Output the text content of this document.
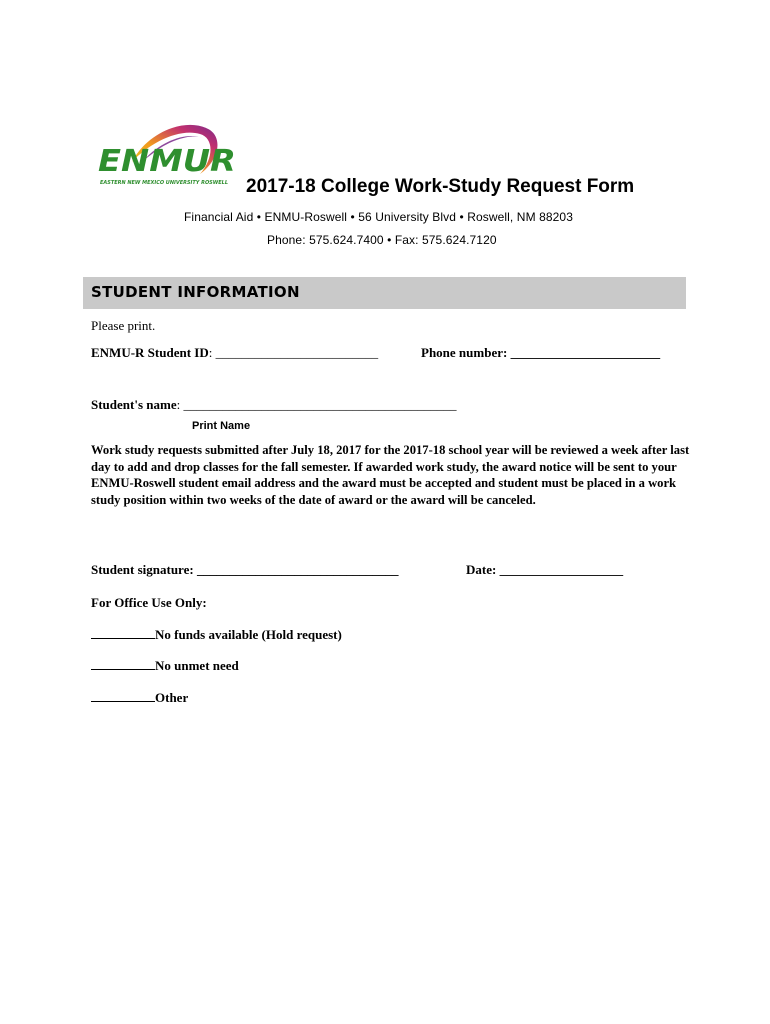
ENMUR
EASTERN NEW MEXICO UNIVERSITY ROSWELL 2017-18 College Work-Study Request Form
Financial Aid • ENMU-Roswell • 56 University Blvd • Roswell, NM 88203
Phone: 575.624.7400 • Fax: 575.624.7120
STUDENT INFORMATION
Please print.
ENMU-R Student ID: _________________________	Phone number: _______________________
Student's name: __________________________________________
Print Name
Work study requests submitted after July 18, 2017 for the 2017-18 school year will be reviewed a week after last day to add and drop classes for the fall semester. If awarded work study, the award notice will be sent to your ENMU-Roswell student email address and the award must be accepted and student must be placed in a work study position within two weeks of the date of award or the award will be canceled.
Student signature: _______________________________	Date: ___________________
For Office Use Only:
No funds available (Hold request)
No unmet need
Other
